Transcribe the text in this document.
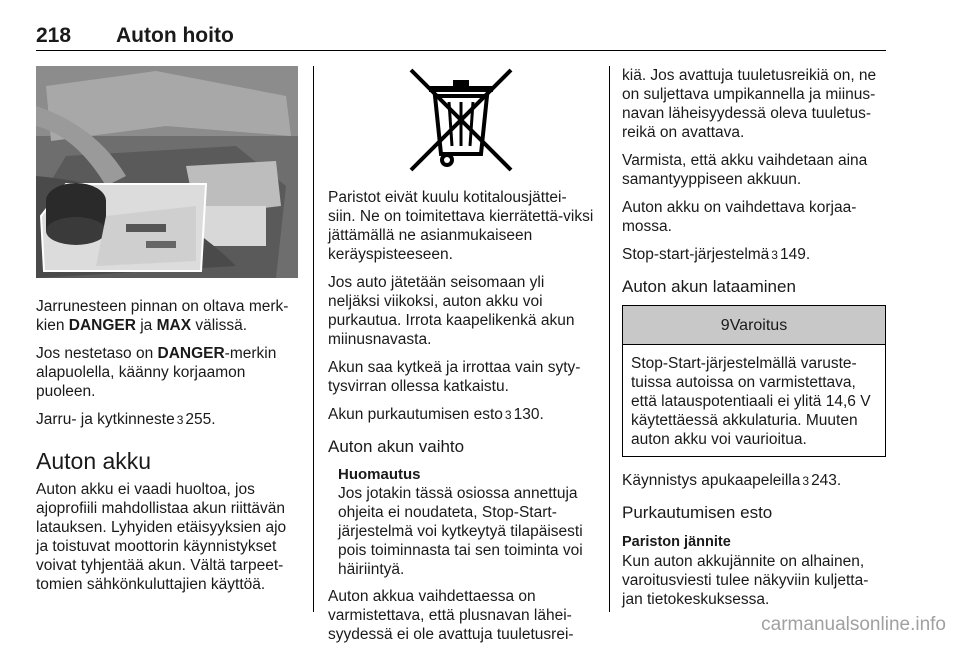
218 Auton hoito

Jarrunesteen pinnan on oltava merk-kien DANGER ja MAX välissä.

Jos nestetaso on DANGER-merkin alapuolella, käänny korjaamon puoleen.

Jarru- ja kytkinneste 3 255.

Auton akku

Auton akku ei vaadi huoltoa, jos ajoprofiili mahdollistaa akun riittävän latauksen. Lyhyiden etäisyyksien ajo ja toistuvat moottorin käynnistykset voivat tyhjentää akun. Vältä tarpeet-tomien sähkönkuluttajien käyttöä.

Paristot eivät kuulu kotitalousjättei-siin. Ne on toimitettava kierrätettä-viksi jättämällä ne asianmukaiseen keräyspisteeseen.

Jos auto jätetään seisomaan yli neljäksi viikoksi, auton akku voi purkautua. Irrota kaapelikenkä akun miinusnavasta.

Akun saa kytkeä ja irrottaa vain syty-tysvirran ollessa katkaistu.

Akun purkautumisen esto 3 130.

Auton akun vaihto
Huomautus
Jos jotakin tässä osiossa annettuja ohjeita ei noudateta, Stop-Start-järjestelmä voi kytkeytyä tilapäisesti pois toiminnasta tai sen toiminta voi häiriintyä.

Auton akkua vaihdettaessa on varmistettava, että plusnavan lähei-syydessä ei ole avattuja tuuletusrei-

kiä. Jos avattuja tuuletusreikiä on, ne on suljettava umpikannella ja miinus-navan läheisyydessä oleva tuuletus-reikä on avattava.

Varmista, että akku vaihdetaan aina samantyyppiseen akkuun.

Auton akku on vaihdettava korjaa-mossa.

Stop-start-järjestelmä 3 149.

Auton akun lataaminen
9 Varoitus
Stop-Start-järjestelmällä varuste-tuissa autoissa on varmistettava, että latauspotentiaali ei ylitä 14,6 V käytettäessä akkulaturia. Muuten auton akku voi vaurioitua.

Käynnistys apukaapeleilla 3 243.

Purkautumisen esto
Pariston jännite

Kun auton akkujännite on alhainen, varoitusviesti tulee näkyviin kuljetta-jan tietokeskuksessa.

carmanualsonline.info
